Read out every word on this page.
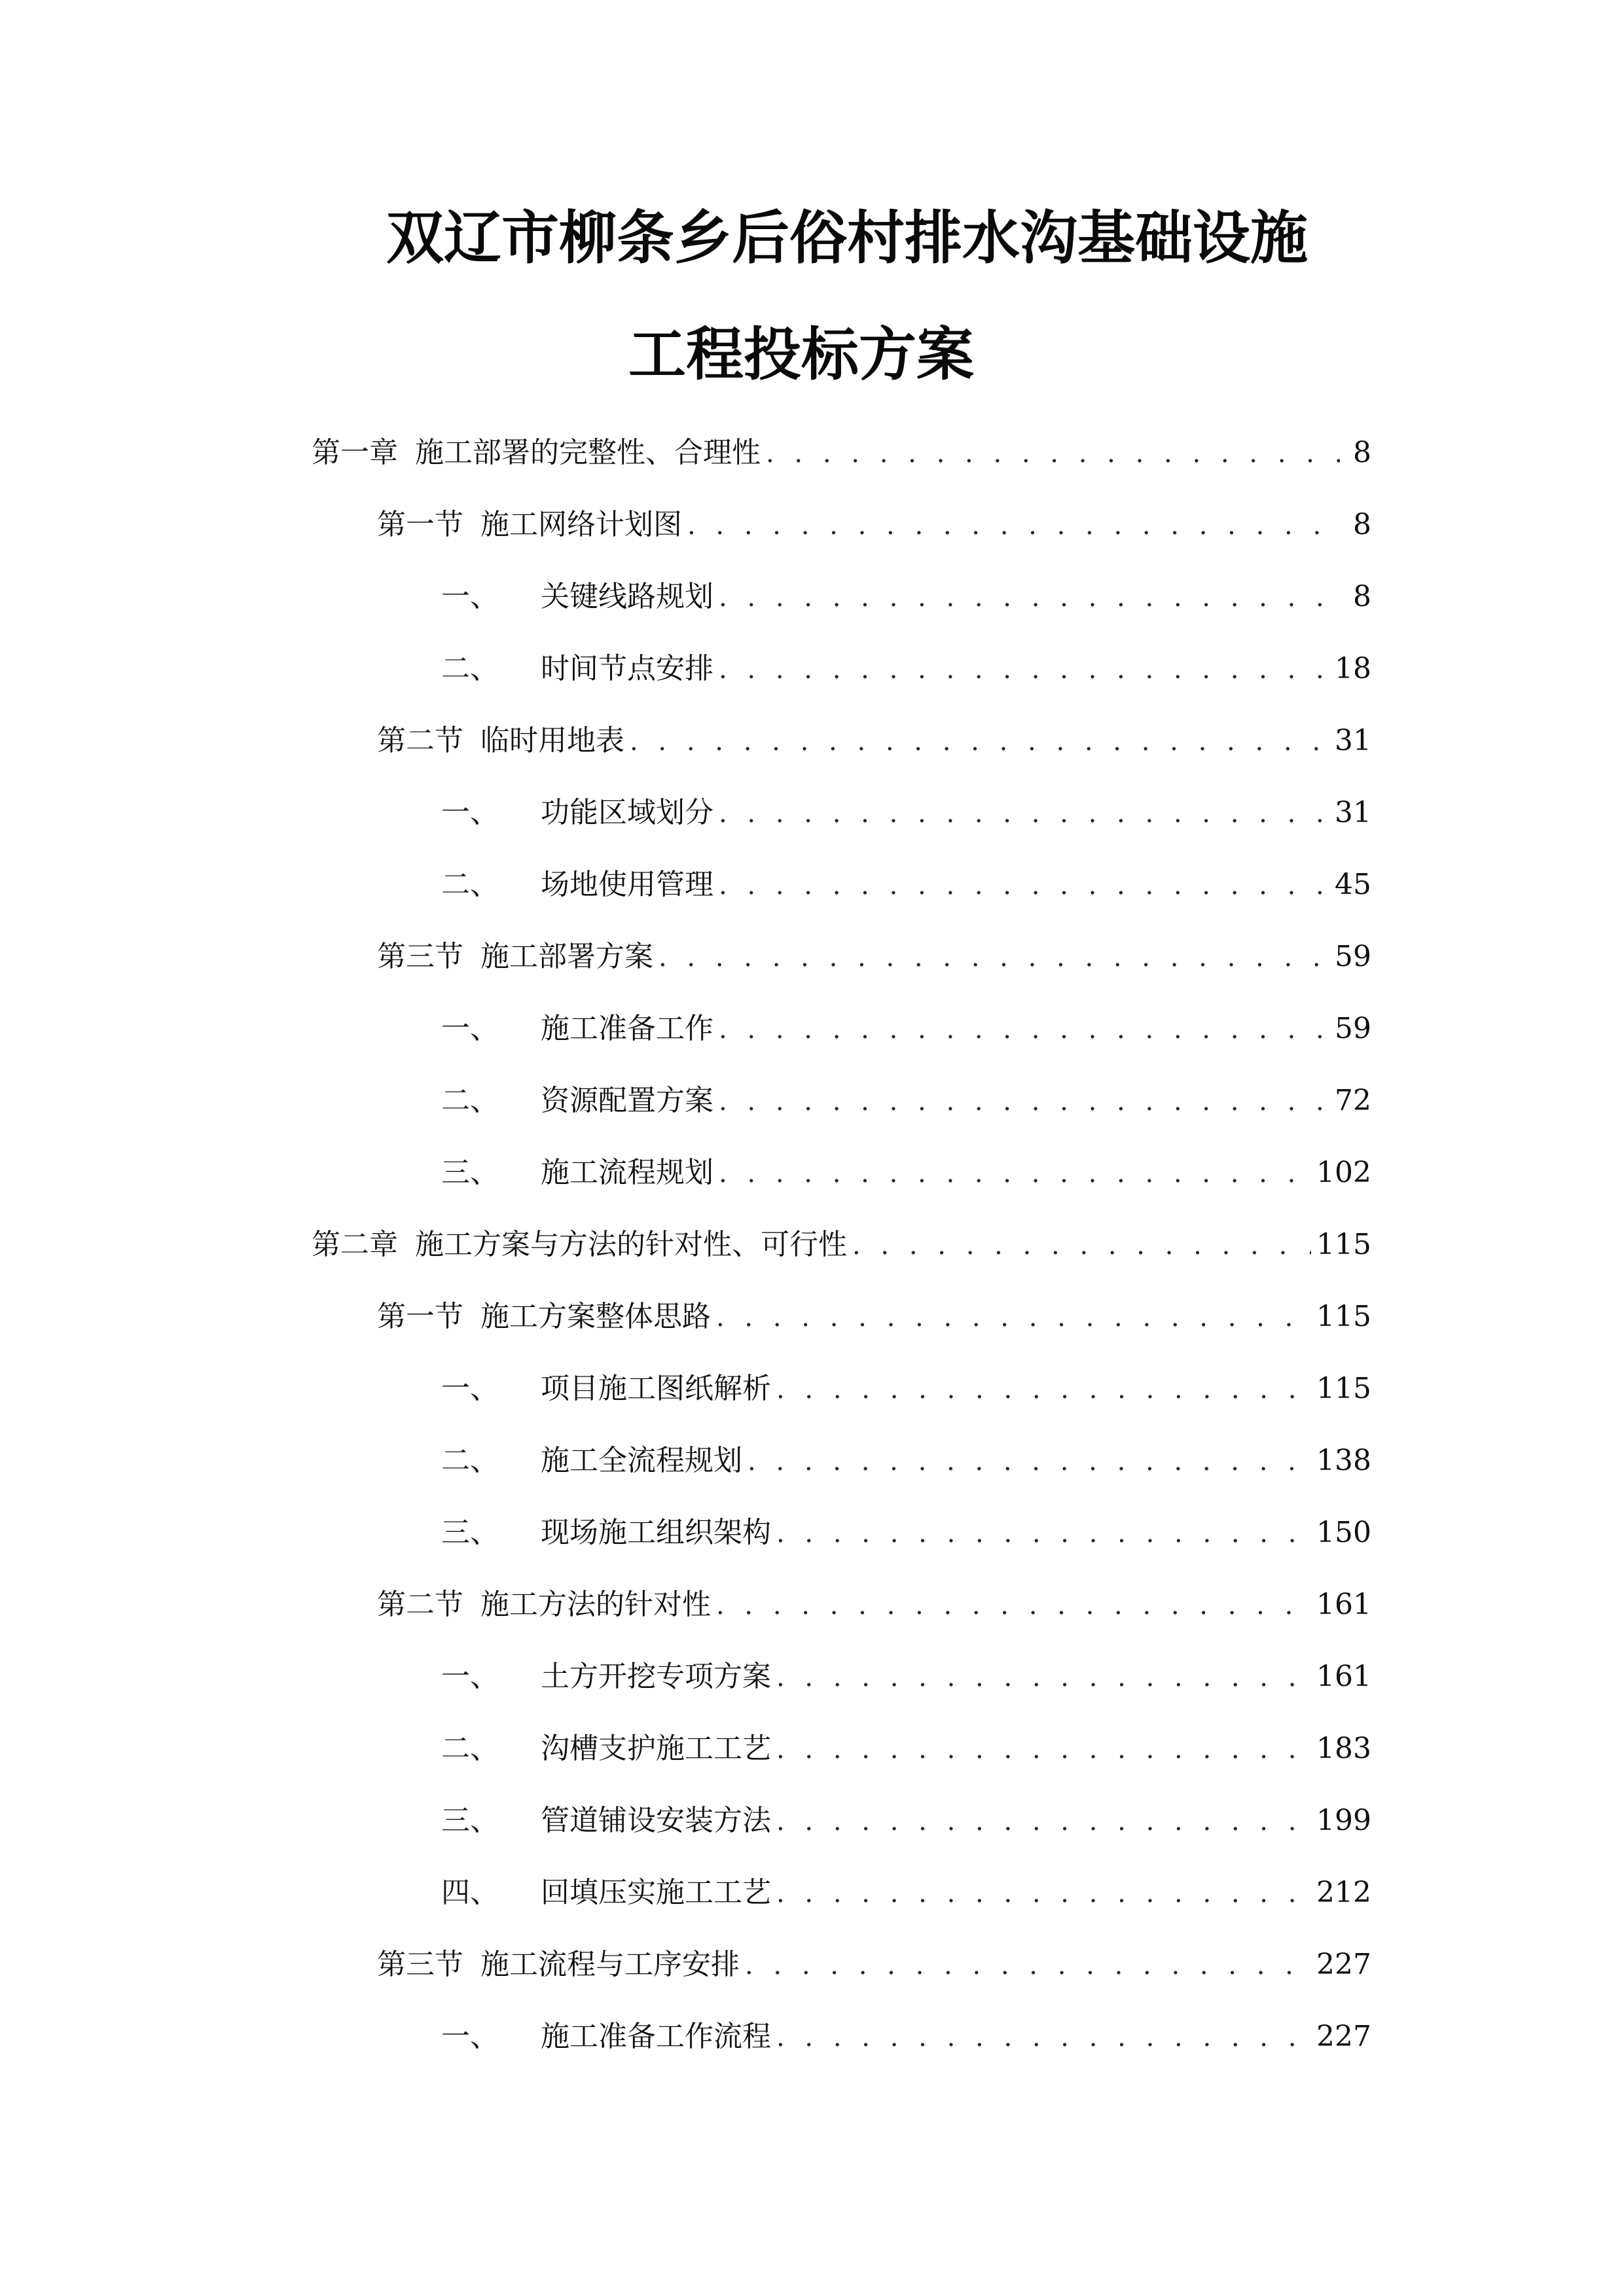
双辽市柳条乡后俗村排水沟基础设施
工程投标方案
第一章 施工部署的完整性、合理性 . . .	8
第一节 施工网络计划图 . . .	8
一、 关键线路规划 . . .	8
二、 时间节点安排 . . .	18
第二节 临时用地表 . . .	31
一、 功能区域划分 . . .	31
二、 场地使用管理 . . .	45
第三节 施工部署方案 . . .	59
一、 施工准备工作 . . .	59
二、 资源配置方案 . . .	72
三、 施工流程规划 . . .	102
第二章 施工方案与方法的针对性、可行性 . . .	115
第一节 施工方案整体思路 . . .	115
一、 项目施工图纸解析 . . .	115
二、 施工全流程规划 . . .	138
三、 现场施工组织架构 . . .	150
第二节 施工方法的针对性 . . .	161
一、 土方开挖专项方案 . . .	161
二、 沟槽支护施工工艺 . . .	183
三、 管道铺设安装方法 . . .	199
四、 回填压实施工工艺 . . .	212
第三节 施工流程与工序安排 . . .	227
一、 施工准备工作流程 . . .	227
